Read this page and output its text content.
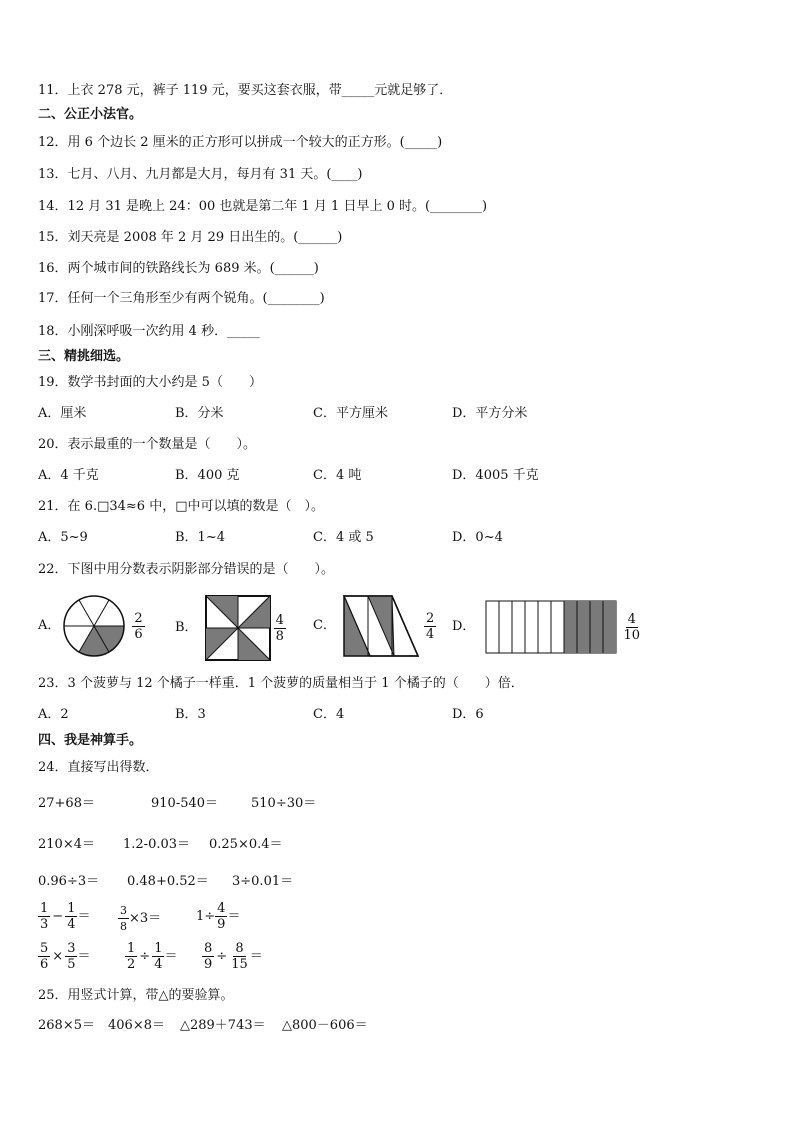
11．上衣 278 元，裤子 119 元，要买这套衣服，带_____元就足够了．
二、公正小法官。
12．用 6 个边长 2 厘米的正方形可以拼成一个较大的正方形。(_____)
13．七月、八月、九月都是大月，每月有 31 天。(____)
14．12 月 31 是晚上 24：00 也就是第二年 1 月 1 日早上 0 时。(________)
15．刘天亮是 2008 年 2 月 29 日出生的。(______)
16．两个城市间的铁路线长为 689 米。(______)
17．任何一个三角形至少有两个锐角。(________)
18．小刚深呼吸一次约用 4 秒．_____
三、精挑细选。
19．数学书封面的大小约是 5（　　）
A．厘米	B．分米	C．平方厘米	D．平方分米
20．表示最重的一个数量是（　　）。
A．4 千克	B．400 克	C．4 吨	D．4005 千克
21．在 6.□34≈6 中，□中可以填的数是（　）。
A．5~9	B．1~4	C．4 或 5	D．0~4
22．下图中用分数表示阴影部分错误的是（　　）。
A．	$\frac{2}{6}$ B．	$\frac{4}{8}$ C．	$\frac{2}{4}$ D．	$\frac{4}{10}$
23．3 个菠萝与 12 个橘子一样重．1 个菠萝的质量相当于 1 个橘子的（　　）倍．
A．2	B．3	C．4	D．6
四、我是神算手。
24．直接写出得数．
27+68＝	910-540＝	510÷30＝
210×4＝ 1.2-0.03＝ 0.25×0.4＝
0.96÷3＝ 0.48+0.52＝ 3÷0.01＝
$\frac{1}{3} - \frac{1}{4}$ ＝	$\frac{3}{8} \times 3=$	$1\div \frac{4}{9}$ ＝
$\frac{5}{6} \times \frac{3}{5}$ ＝	$\frac{1}{2} \div \frac{1}{4} = \frac{8}{9} \div \frac{8}{15}$ ＝
25．用竖式计算，带△的要验算。
268×5＝ 406×8＝ △289＋743＝ △800－606＝
